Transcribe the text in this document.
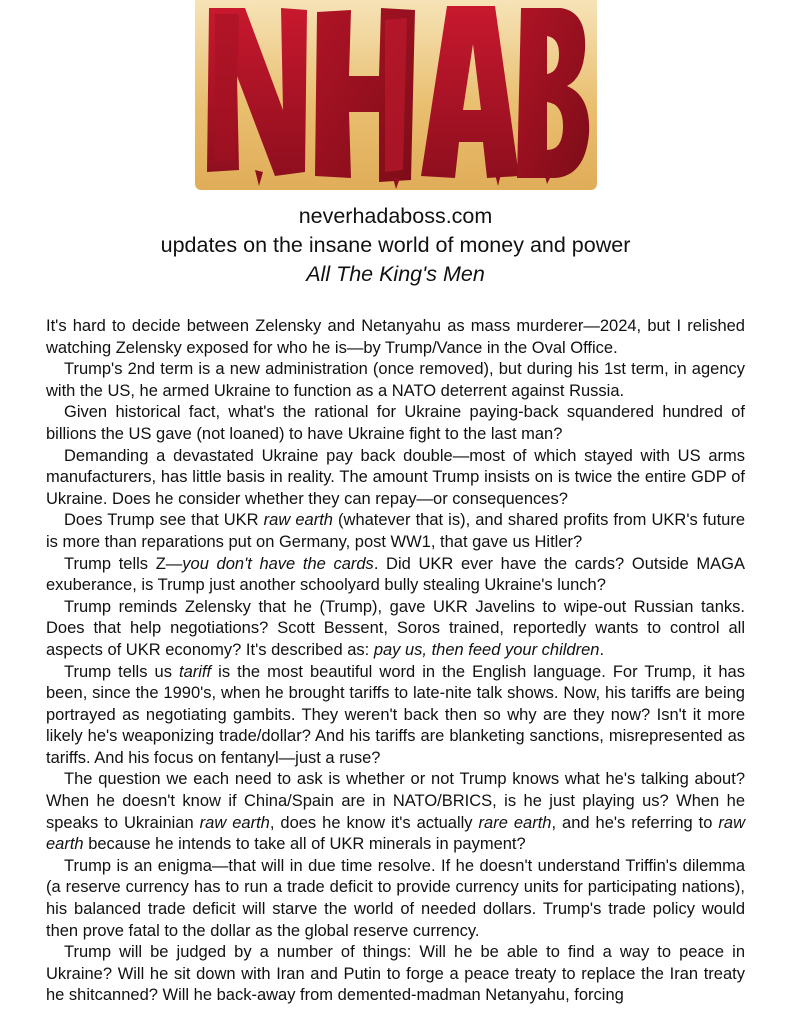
neverhadaboss.com
updates on the insane world of money and power
All The King's Men

It's hard to decide between Zelensky and Netanyahu as mass murderer—2024, but I relished watching Zelensky exposed for who he is—by Trump/Vance in the Oval Office.

Trump's 2nd term is a new administration (once removed), but during his 1st term, in agency with the US, he armed Ukraine to function as a NATO deterrent against Russia.

Given historical fact, what's the rational for Ukraine paying-back squandered hundred of billions the US gave (not loaned) to have Ukraine fight to the last man?

Demanding a devastated Ukraine pay back double—most of which stayed with US arms manufacturers, has little basis in reality. The amount Trump insists on is twice the entire GDP of Ukraine. Does he consider whether they can repay—or consequences?

Does Trump see that UKR raw earth (whatever that is), and shared profits from UKR's future is more than reparations put on Germany, post WW1, that gave us Hitler?

Trump tells Z—you don't have the cards. Did UKR ever have the cards? Outside MAGA exuberance, is Trump just another schoolyard bully stealing Ukraine's lunch?

Trump reminds Zelensky that he (Trump), gave UKR Javelins to wipe-out Russian tanks. Does that help negotiations? Scott Bessent, Soros trained, reportedly wants to control all aspects of UKR economy? It's described as: pay us, then feed your children.

Trump tells us tariff is the most beautiful word in the English language. For Trump, it has been, since the 1990's, when he brought tariffs to late-nite talk shows. Now, his tariffs are being portrayed as negotiating gambits. They weren't back then so why are they now? Isn't it more likely he's weaponizing trade/dollar? And his tariffs are blanketing sanctions, misrepresented as tariffs. And his focus on fentanyl—just a ruse?

The question we each need to ask is whether or not Trump knows what he's talking about? When he doesn't know if China/Spain are in NATO/BRICS, is he just playing us? When he speaks to Ukrainian raw earth, does he know it's actually rare earth, and he's referring to raw earth because he intends to take all of UKR minerals in payment?

Trump is an enigma—that will in due time resolve. If he doesn't understand Triffin's dilemma (a reserve currency has to run a trade deficit to provide currency units for participating nations), his balanced trade deficit will starve the world of needed dollars. Trump's trade policy would then prove fatal to the dollar as the global reserve currency.

Trump will be judged by a number of things: Will he be able to find a way to peace in Ukraine? Will he sit down with Iran and Putin to forge a peace treaty to replace the Iran treaty he shitcanned? Will he back-away from demented-madman Netanyahu, forcing
